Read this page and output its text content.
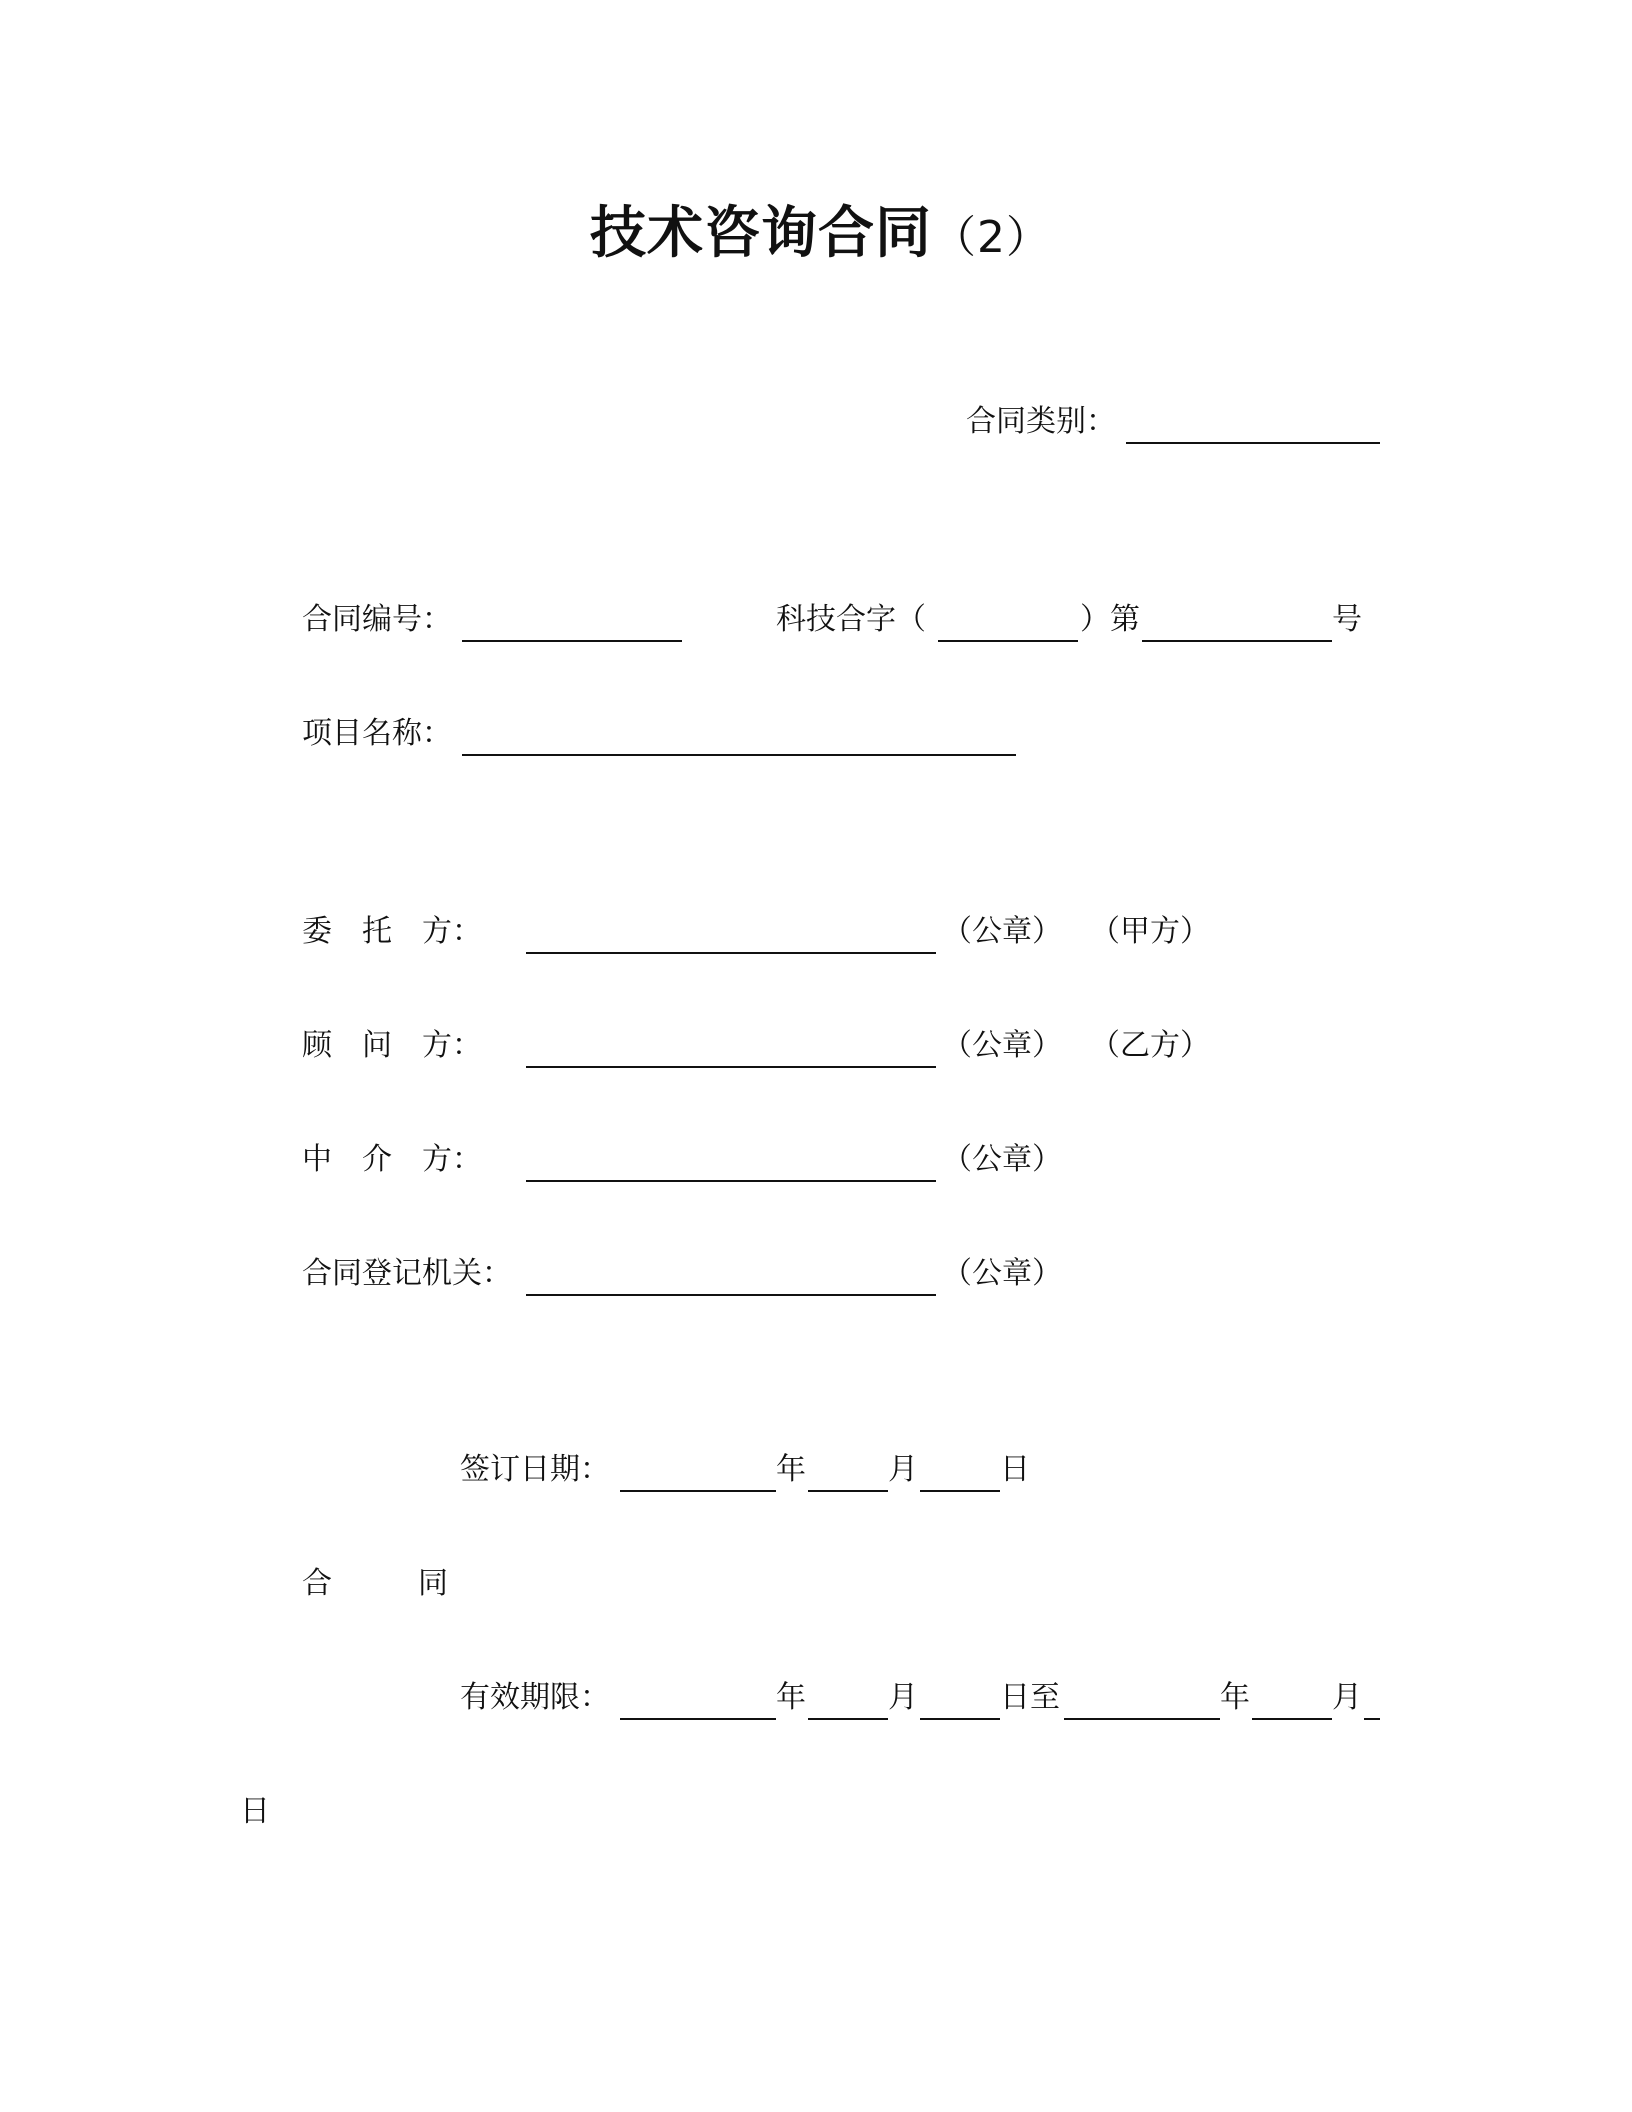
技术咨询合同（2）
合同类别：
合同编号：	科技合字（	）第	号
项目名称：
委 托 方：	（公章） （甲方）
顾 问 方：	（公章） （乙方）
中 介 方：	（公章）
合同登记机关：	（公章）
签订日期：	年	月	日
合	同
有效期限：	年	月	日至	年	月
日
